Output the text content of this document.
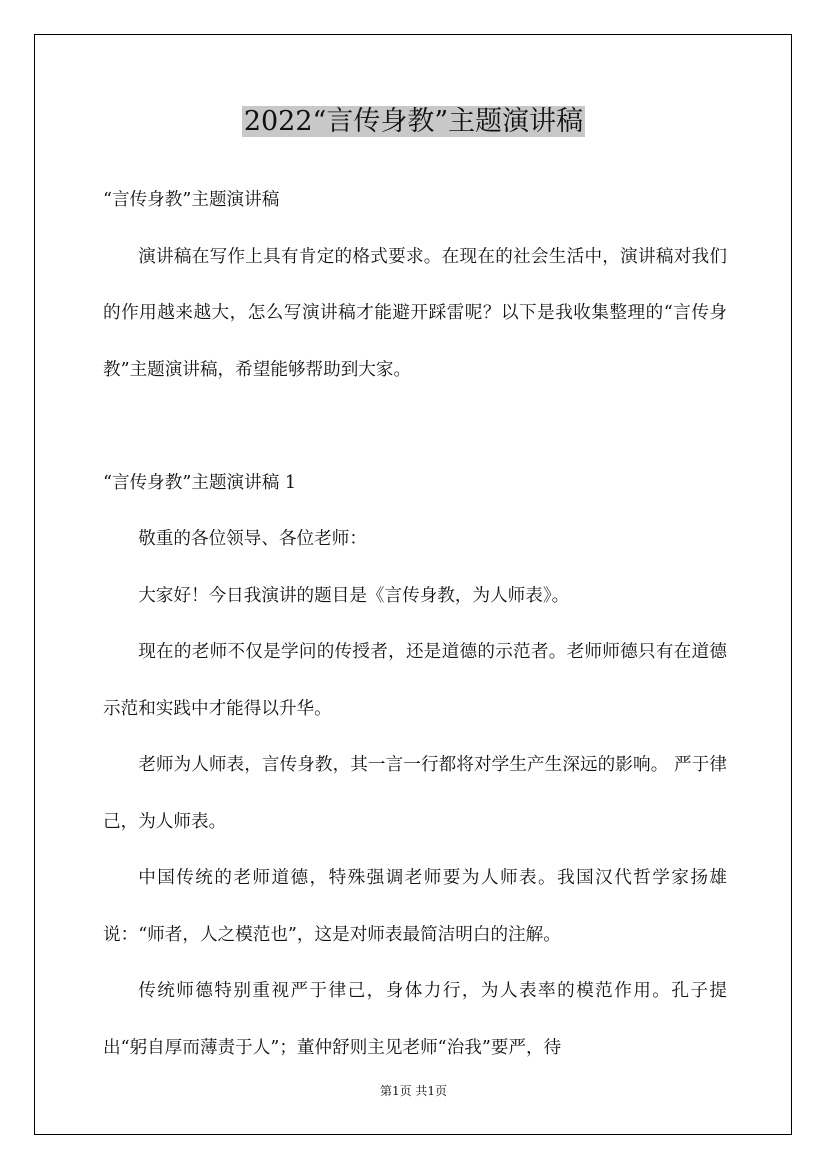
2022“言传身教”主题演讲稿

“言传身教”主题演讲稿

演讲稿在写作上具有肯定的格式要求。在现在的社会生活中，演讲稿对我们的作用越来越大，怎么写演讲稿才能避开踩雷呢？以下是我收集整理的“言传身教”主题演讲稿，希望能够帮助到大家。

“言传身教”主题演讲稿 1

敬重的各位领导、各位老师：

大家好！今日我演讲的题目是《言传身教，为人师表》。

现在的老师不仅是学问的传授者，还是道德的示范者。老师师德只有在道德示范和实践中才能得以升华。

老师为人师表，言传身教，其一言一行都将对学生产生深远的影响。 严于律己，为人师表。

中国传统的老师道德，特殊强调老师要为人师表。我国汉代哲学家扬雄说：“师者，人之模范也”，这是对师表最简洁明白的注解。

传统师德特别重视严于律己，身体力行，为人表率的模范作用。孔子提出“躬自厚而薄责于人”；董仲舒则主见老师“治我”要严，待

第1页 共1页
